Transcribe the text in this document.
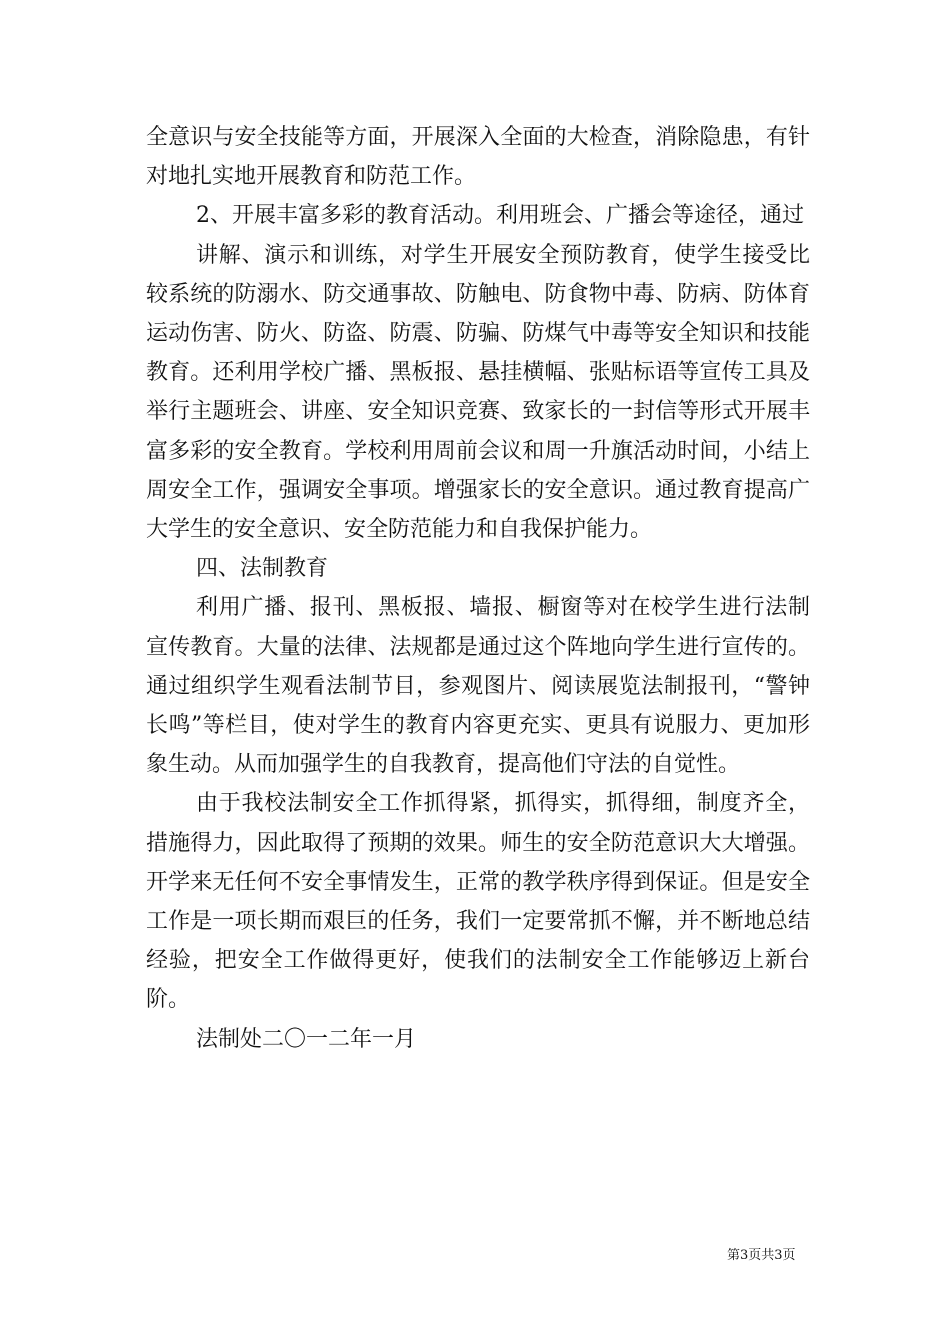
全意识与安全技能等方面，开展深入全面的大检查，消除隐患，有针对地扎实地开展教育和防范工作。

2、开展丰富多彩的教育活动。利用班会、广播会等途径，通过

讲解、演示和训练，对学生开展安全预防教育，使学生接受比较系统的防溺水、防交通事故、防触电、防食物中毒、防病、防体育运动伤害、防火、防盗、防震、防骗、防煤气中毒等安全知识和技能教育。还利用学校广播、黑板报、悬挂横幅、张贴标语等宣传工具及举行主题班会、讲座、安全知识竞赛、致家长的一封信等形式开展丰富多彩的安全教育。学校利用周前会议和周一升旗活动时间，小结上周安全工作，强调安全事项。增强家长的安全意识。通过教育提高广大学生的安全意识、安全防范能力和自我保护能力。

四、法制教育

利用广播、报刊、黑板报、墙报、橱窗等对在校学生进行法制宣传教育。大量的法律、法规都是通过这个阵地向学生进行宣传的。通过组织学生观看法制节目，参观图片、阅读展览法制报刊，“警钟长鸣”等栏目，使对学生的教育内容更充实、更具有说服力、更加形象生动。从而加强学生的自我教育，提高他们守法的自觉性。

由于我校法制安全工作抓得紧，抓得实，抓得细，制度齐全，措施得力，因此取得了预期的效果。师生的安全防范意识大大增强。开学来无任何不安全事情发生，正常的教学秩序得到保证。但是安全工作是一项长期而艰巨的任务，我们一定要常抓不懈，并不断地总结经验，把安全工作做得更好，使我们的法制安全工作能够迈上新台阶。

法制处二〇一二年一月

第3页共3页
